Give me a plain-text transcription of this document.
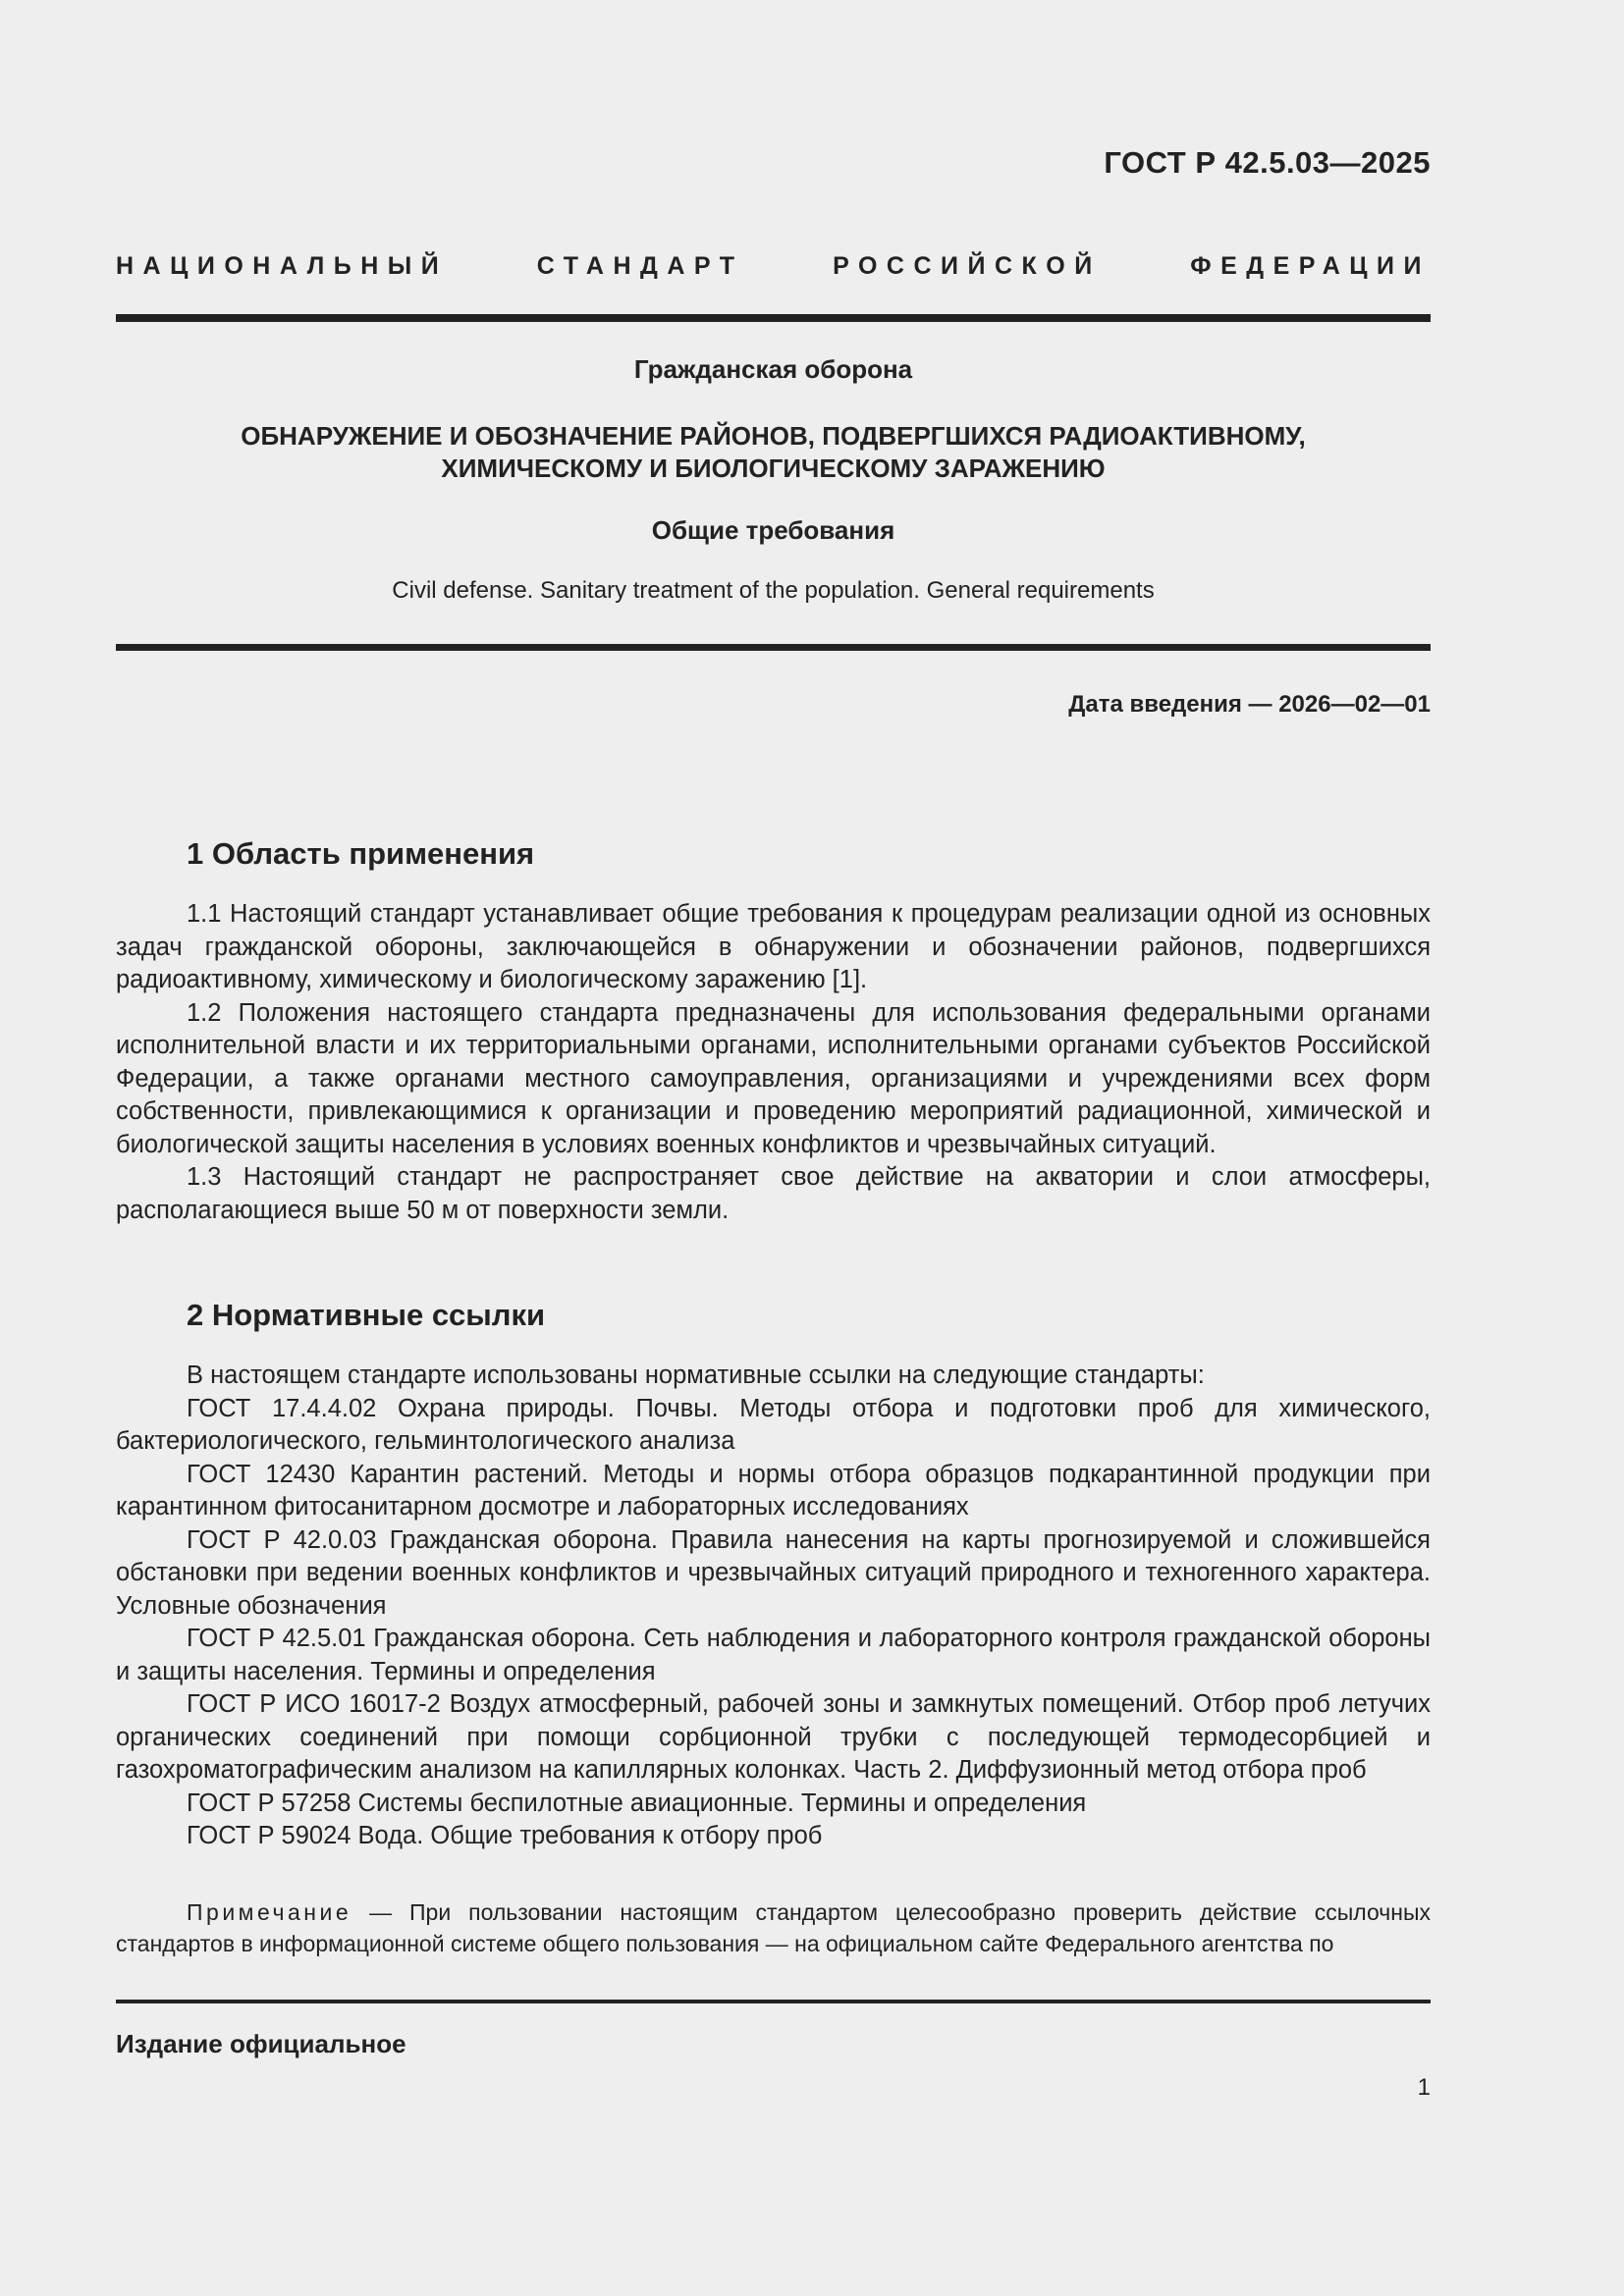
ГОСТ Р 42.5.03—2025
НАЦИОНАЛЬНЫЙ СТАНДАРТ РОССИЙСКОЙ ФЕДЕРАЦИИ
Гражданская оборона
ОБНАРУЖЕНИЕ И ОБОЗНАЧЕНИЕ РАЙОНОВ, ПОДВЕРГШИХСЯ РАДИОАКТИВНОМУ,
ХИМИЧЕСКОМУ И БИОЛОГИЧЕСКОМУ ЗАРАЖЕНИЮ
Общие требования
Civil defense. Sanitary treatment of the population. General requirements
Дата введения — 2026—02—01
1 Область применения

1.1 Настоящий стандарт устанавливает общие требования к процедурам реализации одной из основных задач гражданской обороны, заключающейся в обнаружении и обозначении районов, подвергшихся радиоактивному, химическому и биологическому заражению [1].

1.2 Положения настоящего стандарта предназначены для использования федеральными органами исполнительной власти и их территориальными органами, исполнительными органами субъектов Российской Федерации, а также органами местного самоуправления, организациями и учреждениями всех форм собственности, привлекающимися к организации и проведению мероприятий радиационной, химической и биологической защиты населения в условиях военных конфликтов и чрезвычайных ситуаций.

1.3 Настоящий стандарт не распространяет свое действие на акватории и слои атмосферы, располагающиеся выше 50 м от поверхности земли.

2 Нормативные ссылки

В настоящем стандарте использованы нормативные ссылки на следующие стандарты:

ГОСТ 17.4.4.02 Охрана природы. Почвы. Методы отбора и подготовки проб для химического, бактериологического, гельминтологического анализа

ГОСТ 12430 Карантин растений. Методы и нормы отбора образцов подкарантинной продукции при карантинном фитосанитарном досмотре и лабораторных исследованиях

ГОСТ Р 42.0.03 Гражданская оборона. Правила нанесения на карты прогнозируемой и сложившейся обстановки при ведении военных конфликтов и чрезвычайных ситуаций природного и техногенного характера. Условные обозначения

ГОСТ Р 42.5.01 Гражданская оборона. Сеть наблюдения и лабораторного контроля гражданской обороны и защиты населения. Термины и определения

ГОСТ Р ИСО 16017-2 Воздух атмосферный, рабочей зоны и замкнутых помещений. Отбор проб летучих органических соединений при помощи сорбционной трубки с последующей термодесорбцией и газохроматографическим анализом на капиллярных колонках. Часть 2. Диффузионный метод отбора проб

ГОСТ Р 57258 Системы беспилотные авиационные. Термины и определения

ГОСТ Р 59024 Вода. Общие требования к отбору проб

Примечание — При пользовании настоящим стандартом целесообразно проверить действие ссылочных стандартов в информационной системе общего пользования — на официальном сайте Федерального агентства по

Издание официальное
1
